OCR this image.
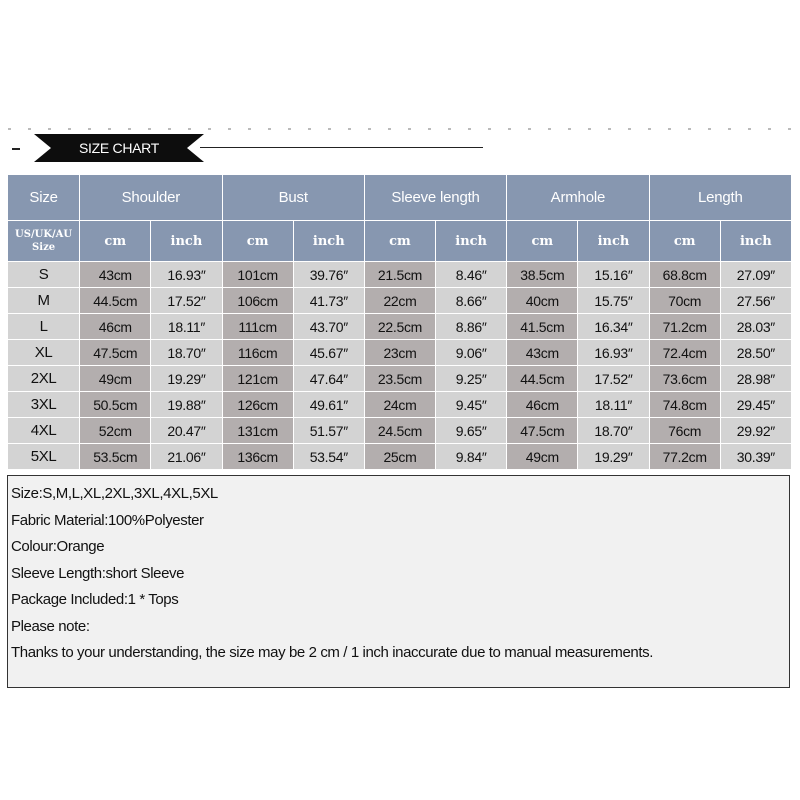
SIZE CHART
Size	Shoulder		Bust		Sleeve length		Armhole		Length	
US/UK/AU Size	cm	inch	cm	inch	cm	inch	cm	inch	cm	inch
S	43cm	16.93″	101cm	39.76″	21.5cm	8.46″	38.5cm	15.16″	68.8cm	27.09″
M	44.5cm	17.52″	106cm	41.73″	22cm	8.66″	40cm	15.75″	70cm	27.56″
L	46cm	18.11″	111cm	43.70″	22.5cm	8.86″	41.5cm	16.34″	71.2cm	28.03″
XL	47.5cm	18.70″	116cm	45.67″	23cm	9.06″	43cm	16.93″	72.4cm	28.50″
2XL	49cm	19.29″	121cm	47.64″	23.5cm	9.25″	44.5cm	17.52″	73.6cm	28.98″
3XL	50.5cm	19.88″	126cm	49.61″	24cm	9.45″	46cm	18.11″	74.8cm	29.45″
4XL	52cm	20.47″	131cm	51.57″	24.5cm	9.65″	47.5cm	18.70″	76cm	29.92″
5XL	53.5cm	21.06″	136cm	53.54″	25cm	9.84″	49cm	19.29″	77.2cm	30.39″
Size:S,M,L,XL,2XL,3XL,4XL,5XL
Fabric Material:100%Polyester
Colour:Orange
Sleeve Length:short Sleeve
Package Included:1 * Tops
Please note:
Thanks to your understanding, the size may be 2 cm / 1 inch inaccurate due to manual measurements.
